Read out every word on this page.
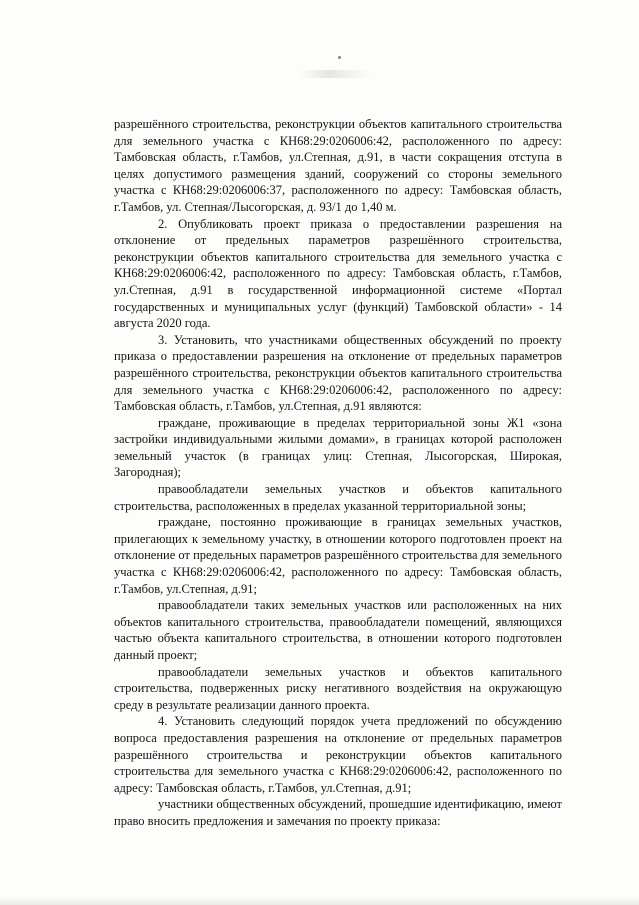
разрешённого строительства, реконструкции объектов капитального строительства для земельного участка с КН68:29:0206006:42, расположенного по адресу: Тамбовская область, г.Тамбов, ул.Степная, д.91, в части сокращения отступа в целях допустимого размещения зданий, сооружений со стороны земельного участка с КН68:29:0206006:37, расположенного по адресу: Тамбовская область, г.Тамбов, ул. Степная/Лысогорская, д. 93/1 до 1,40 м.

2. Опубликовать проект приказа о предоставлении разрешения на отклонение от предельных параметров разрешённого строительства, реконструкции объектов капитального строительства для земельного участка с КН68:29:0206006:42, расположенного по адресу: Тамбовская область, г.Тамбов, ул.Степная, д.91 в государственной информационной системе «Портал государственных и муниципальных услуг (функций) Тамбовской области» - 14 августа 2020 года.

3. Установить, что участниками общественных обсуждений по проекту приказа о предоставлении разрешения на отклонение от предельных параметров разрешённого строительства, реконструкции объектов капитального строительства для земельного участка с КН68:29:0206006:42, расположенного по адресу: Тамбовская область, г.Тамбов, ул.Степная, д.91 являются:

граждане, проживающие в пределах территориальной зоны Ж1 «зона застройки индивидуальными жилыми домами», в границах которой расположен земельный участок (в границах улиц: Степная, Лысогорская, Широкая, Загородная);

правообладатели земельных участков и объектов капитального строительства, расположенных в пределах указанной территориальной зоны;

граждане, постоянно проживающие в границах земельных участков, прилегающих к земельному участку, в отношении которого подготовлен проект на отклонение от предельных параметров разрешённого строительства для земельного участка с КН68:29:0206006:42, расположенного по адресу: Тамбовская область, г.Тамбов, ул.Степная, д.91;

правообладатели таких земельных участков или расположенных на них объектов капитального строительства, правообладатели помещений, являющихся частью объекта капитального строительства, в отношении которого подготовлен данный проект;

правообладатели земельных участков и объектов капитального строительства, подверженных риску негативного воздействия на окружающую среду в результате реализации данного проекта.

4. Установить следующий порядок учета предложений по обсуждению вопроса предоставления разрешения на отклонение от предельных параметров разрешённого строительства и реконструкции объектов капитального строительства для земельного участка с КН68:29:0206006:42, расположенного по адресу: Тамбовская область, г.Тамбов, ул.Степная, д.91;

участники общественных обсуждений, прошедшие идентификацию, имеют право вносить предложения и замечания по проекту приказа:
